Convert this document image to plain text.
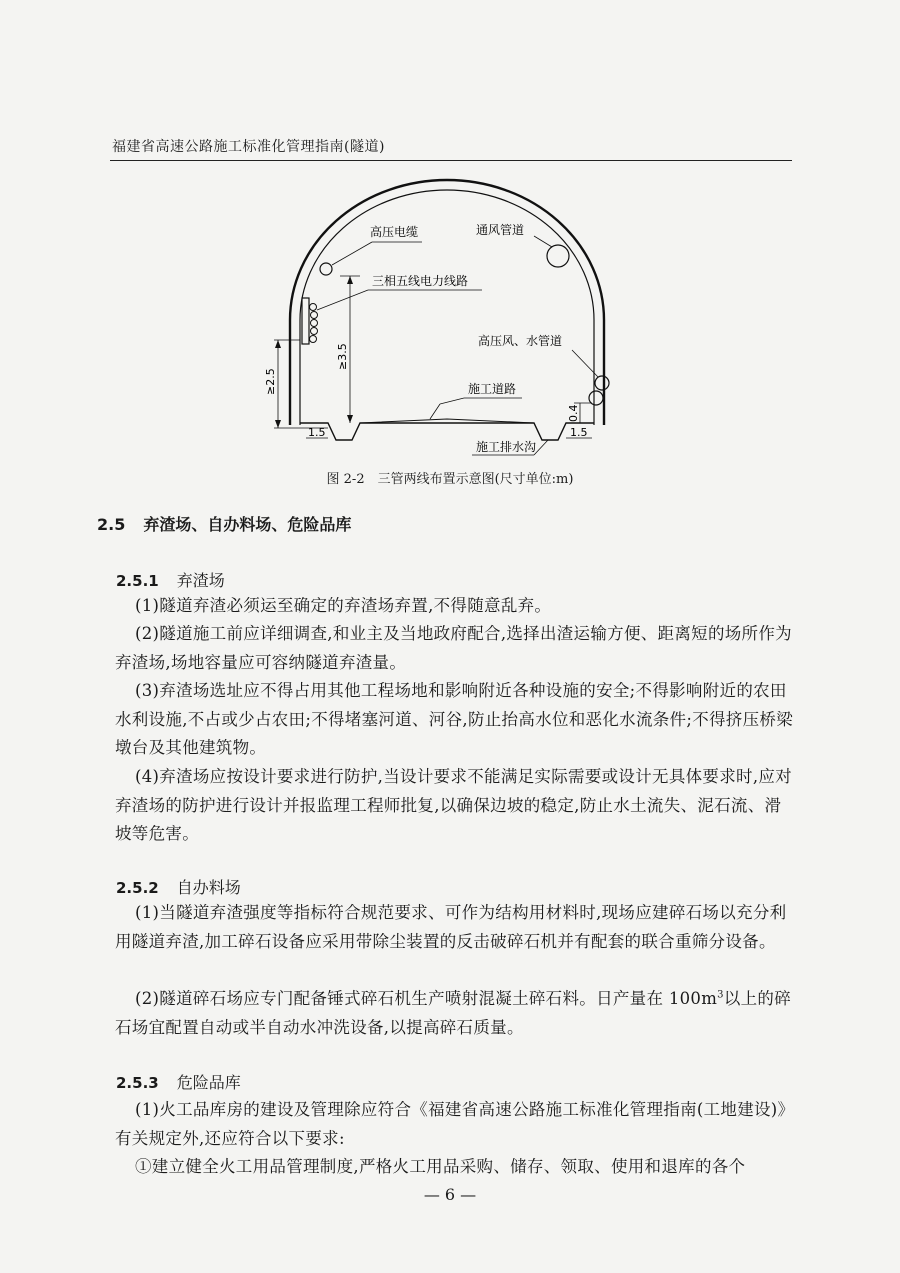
福建省高速公路施工标准化管理指南(隧道)
高压电缆	通风管道
三相五线电力线路
高压风、水管道
施工道路
施工排水沟
≥3.5
≥2.5
0.4
1.5	1.5
图 2-2　三管两线布置示意图(尺寸单位:m)
2.5 弃渣场、自办料场、危险品库
2.5.1 弃渣场
(1)隧道弃渣必须运至确定的弃渣场弃置,不得随意乱弃。
(2)隧道施工前应详细调查,和业主及当地政府配合,选择出渣运输方便、距离短的场所作为弃渣场,场地容量应可容纳隧道弃渣量。
(3)弃渣场选址应不得占用其他工程场地和影响附近各种设施的安全;不得影响附近的农田水利设施,不占或少占农田;不得堵塞河道、河谷,防止抬高水位和恶化水流条件;不得挤压桥梁墩台及其他建筑物。
(4)弃渣场应按设计要求进行防护,当设计要求不能满足实际需要或设计无具体要求时,应对弃渣场的防护进行设计并报监理工程师批复,以确保边坡的稳定,防止水土流失、泥石流、滑坡等危害。
2.5.2 自办料场
(1)当隧道弃渣强度等指标符合规范要求、可作为结构用材料时,现场应建碎石场以充分利用隧道弃渣,加工碎石设备应采用带除尘装置的反击破碎石机并有配套的联合重筛分设备。
(2)隧道碎石场应专门配备锤式碎石机生产喷射混凝土碎石料。日产量在 $100m^3$以上的碎石场宜配置自动或半自动水冲洗设备,以提高碎石质量。
2.5.3 危险品库
(1)火工品库房的建设及管理除应符合《福建省高速公路施工标准化管理指南(工地建设)》有关规定外,还应符合以下要求:
①建立健全火工用品管理制度,严格火工用品采购、储存、领取、使用和退库的各个
— 6 —
